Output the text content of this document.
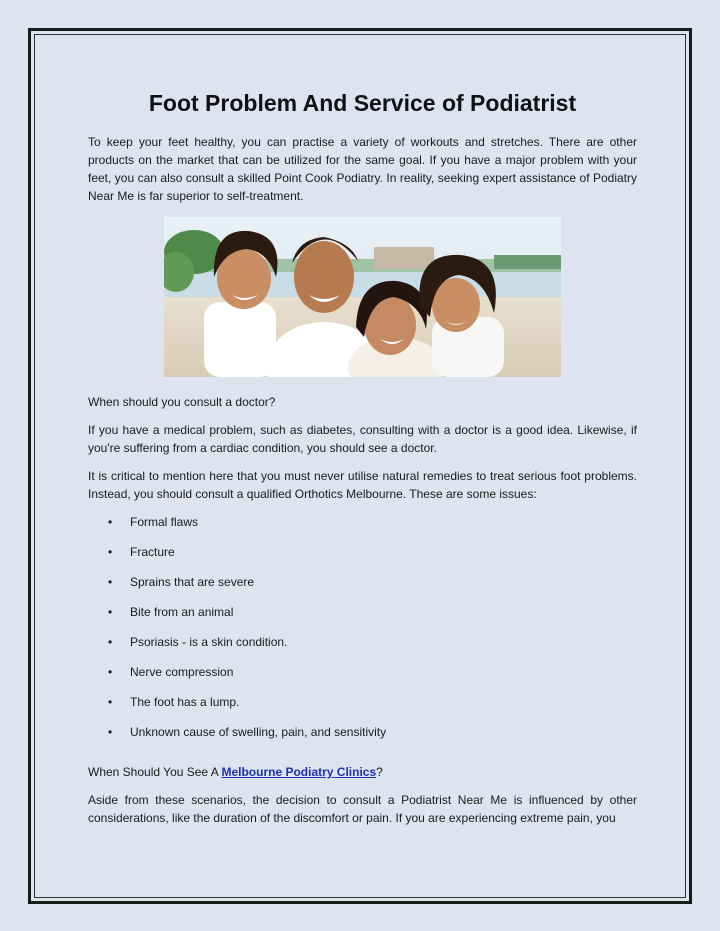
Foot Problem And Service of Podiatrist

To keep your feet healthy, you can practise a variety of workouts and stretches. There are other products on the market that can be utilized for the same goal. If you have a major problem with your feet, you can also consult a skilled Point Cook Podiatry. In reality, seeking expert assistance of Podiatry Near Me is far superior to self-treatment.

When should you consult a doctor?

If you have a medical problem, such as diabetes, consulting with a doctor is a good idea. Likewise, if you're suffering from a cardiac condition, you should see a doctor.

It is critical to mention here that you must never utilise natural remedies to treat serious foot problems. Instead, you should consult a qualified Orthotics Melbourne. These are some issues:

• Formal flaws
• Fracture
• Sprains that are severe
• Bite from an animal
• Psoriasis - is a skin condition.
• Nerve compression
• The foot has a lump.
• Unknown cause of swelling, pain, and sensitivity

When Should You See A Melbourne Podiatry Clinics?

Aside from these scenarios, the decision to consult a Podiatrist Near Me is influenced by other considerations, like the duration of the discomfort or pain. If you are experiencing extreme pain, you
